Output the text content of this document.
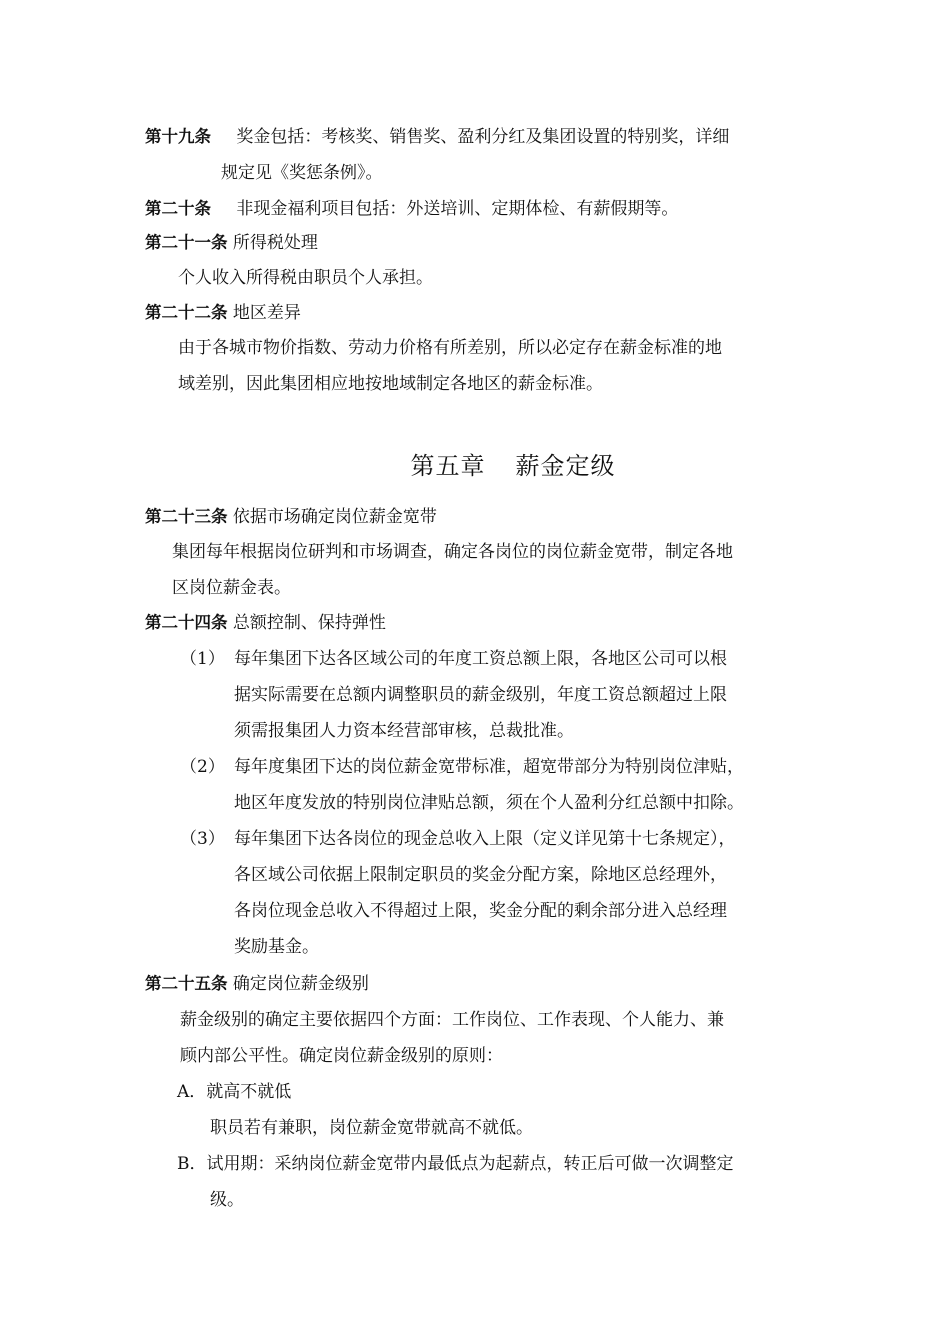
第十九条 奖金包括：考核奖、销售奖、盈利分红及集团设置的特别奖，详细
规定见《奖惩条例》。
第二十条 非现金福利项目包括：外送培训、定期体检、有薪假期等。
第二十一条 所得税处理
个人收入所得税由职员个人承担。
第二十二条 地区差异
由于各城市物价指数、劳动力价格有所差别，所以必定存在薪金标准的地
域差别，因此集团相应地按地域制定各地区的薪金标准。
第五章 薪金定级
第二十三条 依据市场确定岗位薪金宽带
集团每年根据岗位研判和市场调查，确定各岗位的岗位薪金宽带，制定各地
区岗位薪金表。
第二十四条 总额控制、保持弹性
（1） 每年集团下达各区域公司的年度工资总额上限，各地区公司可以根
据实际需要在总额内调整职员的薪金级别，年度工资总额超过上限
须需报集团人力资本经营部审核，总裁批准。
（2） 每年度集团下达的岗位薪金宽带标准，超宽带部分为特别岗位津贴，
地区年度发放的特别岗位津贴总额，须在个人盈利分红总额中扣除。
（3） 每年集团下达各岗位的现金总收入上限（定义详见第十七条规定），
各区域公司依据上限制定职员的奖金分配方案，除地区总经理外，
各岗位现金总收入不得超过上限，奖金分配的剩余部分进入总经理
奖励基金。
第二十五条 确定岗位薪金级别
薪金级别的确定主要依据四个方面：工作岗位、工作表现、个人能力、兼
顾内部公平性。确定岗位薪金级别的原则：
A．就高不就低
职员若有兼职，岗位薪金宽带就高不就低。
B．试用期：采纳岗位薪金宽带内最低点为起薪点，转正后可做一次调整定
级。
